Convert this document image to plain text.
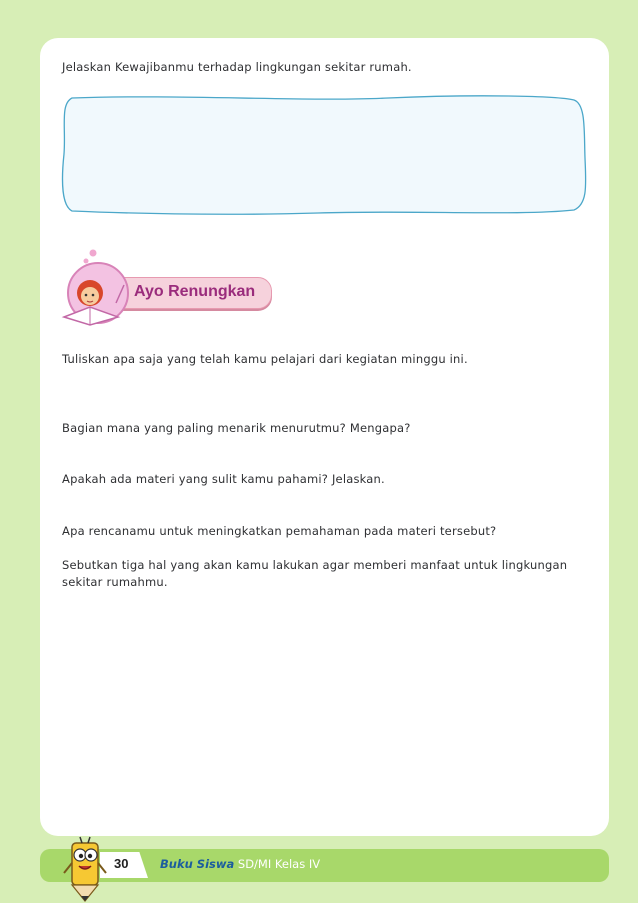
Jelaskan Kewajibanmu terhadap lingkungan sekitar rumah.
Ayo Renungkan
Tuliskan apa saja yang telah kamu pelajari dari kegiatan minggu ini.
Bagian mana yang paling menarik menurutmu? Mengapa?
Apakah ada materi yang sulit kamu pahami? Jelaskan.
Apa rencanamu untuk meningkatkan pemahaman pada materi tersebut?
Sebutkan tiga hal yang akan kamu lakukan agar memberi manfaat untuk lingkungan sekitar rumahmu.
30	Buku Siswa SD/MI Kelas IV
